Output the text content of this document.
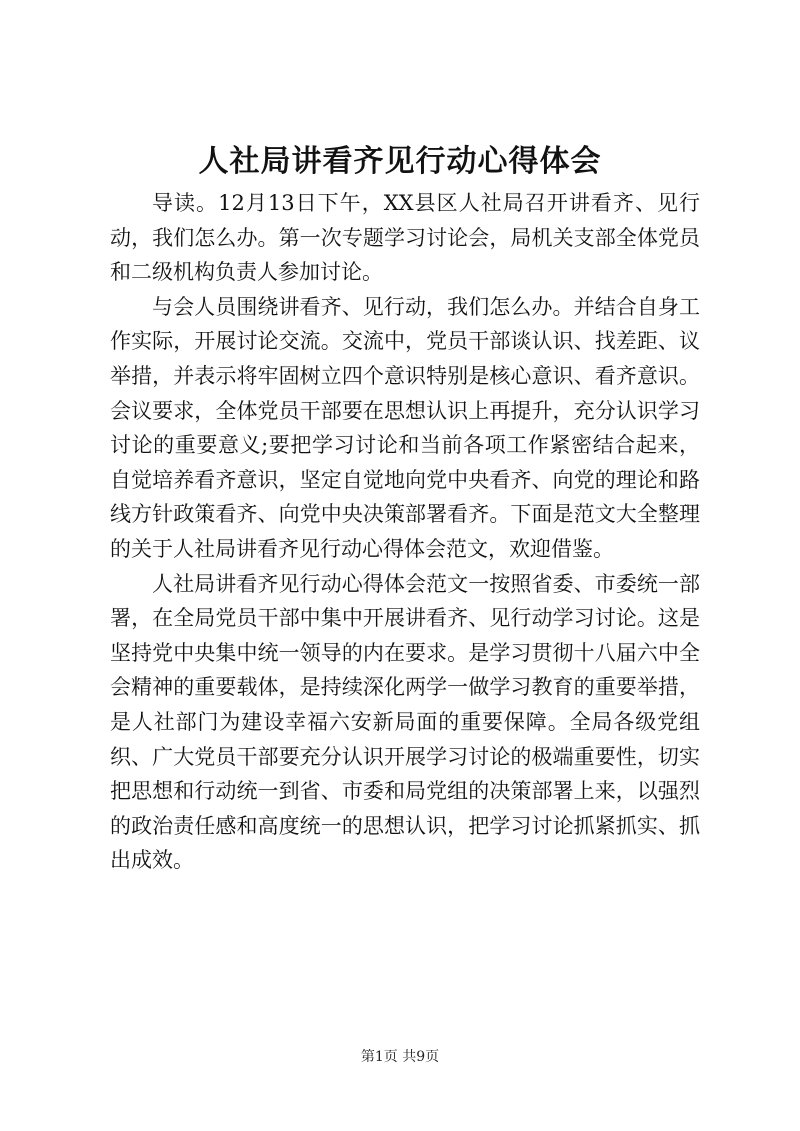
人社局讲看齐见行动心得体会

导读。12月13日下午，XX县区人社局召开讲看齐、见行动，我们怎么办。第一次专题学习讨论会，局机关支部全体党员和二级机构负责人参加讨论。

与会人员围绕讲看齐、见行动，我们怎么办。并结合自身工作实际，开展讨论交流。交流中，党员干部谈认识、找差距、议举措，并表示将牢固树立四个意识特别是核心意识、看齐意识。会议要求，全体党员干部要在思想认识上再提升，充分认识学习讨论的重要意义;要把学习讨论和当前各项工作紧密结合起来，自觉培养看齐意识，坚定自觉地向党中央看齐、向党的理论和路线方针政策看齐、向党中央决策部署看齐。下面是范文大全整理的关于人社局讲看齐见行动心得体会范文，欢迎借鉴。

人社局讲看齐见行动心得体会范文一按照省委、市委统一部署，在全局党员干部中集中开展讲看齐、见行动学习讨论。这是坚持党中央集中统一领导的内在要求。是学习贯彻十八届六中全会精神的重要载体，是持续深化两学一做学习教育的重要举措，是人社部门为建设幸福六安新局面的重要保障。全局各级党组织、广大党员干部要充分认识开展学习讨论的极端重要性，切实把思想和行动统一到省、市委和局党组的决策部署上来，以强烈的政治责任感和高度统一的思想认识，把学习讨论抓紧抓实、抓出成效。

第1页 共9页
